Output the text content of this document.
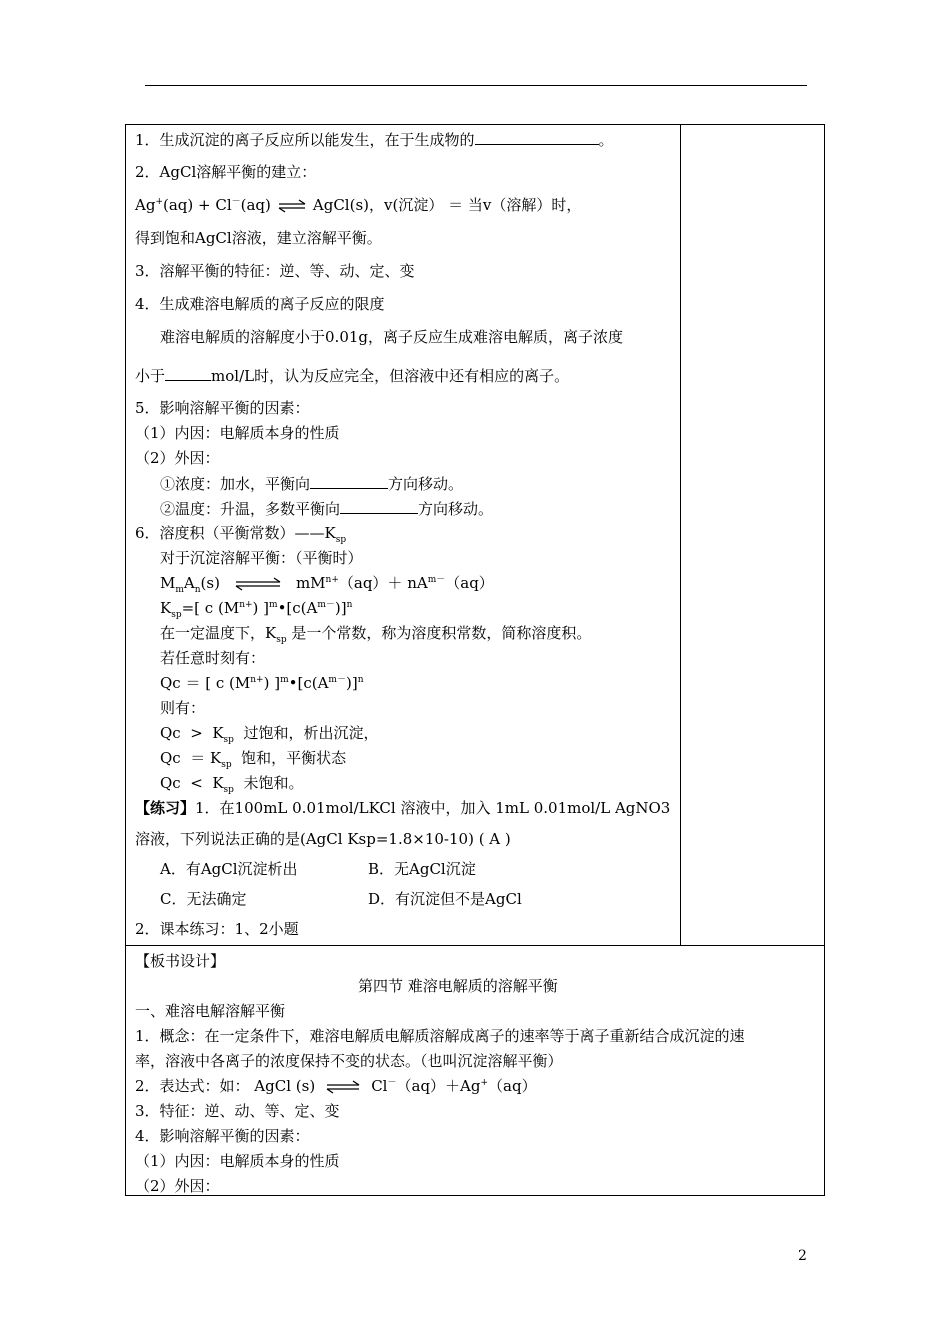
1．生成沉淀的离子反应所以能发生，在于生成物的	。
2．AgCl溶解平衡的建立：
Ag+(aq) + Cl－(aq) ⇌ AgCl(s)，v(沉淀） ＝ 当v（溶解）时，
得到饱和AgCl溶液，建立溶解平衡。
3．溶解平衡的特征：逆、等、动、定、变
4．生成难溶电解质的离子反应的限度
难溶电解质的溶解度小于0.01g，离子反应生成难溶电解质，离子浓度
小于	mol/L时，认为反应完全，但溶液中还有相应的离子。
5．影响溶解平衡的因素：
（1）内因：电解质本身的性质
（2）外因：
①浓度：加水，平衡向	方向移动。
②温度：升温，多数平衡向	方向移动。
6．溶度积（平衡常数）$——K_{sp}$
对于沉淀溶解平衡：（平衡时）
$M_mA_n(s)$ ⇌ $mM^{n+}(aq)+ nA^{m-}(aq)$
$K_{sp}=$[ c $(M^{n+})$ ]$^m•[c(A^{m-})]^n$
在一定温度下，$K_{sp}$ 是一个常数，称为溶度积常数，简称溶度积。
若任意时刻有：
Qc ＝ [ c $(M^{n+})$ ]$^m•[c(A^{m-})]^n$
则有：
$Qc > K_{sp}$  过饱和，析出沉淀，
$Qc = K_{sp}$  饱和，平衡状态
$Qc < K_{sp}$  未饱和。
【练习】1．在100mL 0.01mol/LKCl 溶液中，加入 1mL 0.01mol/L AgNO3
溶液，下列说法正确的是(AgCl Ksp=1.8×10-10) ( A )
A．有AgCl沉淀析出	B．无AgCl沉淀
C．无法确定	D．有沉淀但不是AgCl
2．课本练习：1、2小题
【板书设计】
第四节 难溶电解质的溶解平衡
一、难溶电解溶解平衡
1．概念：在一定条件下，难溶电解质电解质溶解成离子的速率等于离子重新结合成沉淀的速
率，溶液中各离子的浓度保持不变的状态。（也叫沉淀溶解平衡）
2．表达式：如： AgCl (s) ⇌ Cl－（aq）＋Ag+（aq）
3．特征：逆、动、等、定、变
4．影响溶解平衡的因素：
（1）内因：电解质本身的性质
（2）外因：
2
